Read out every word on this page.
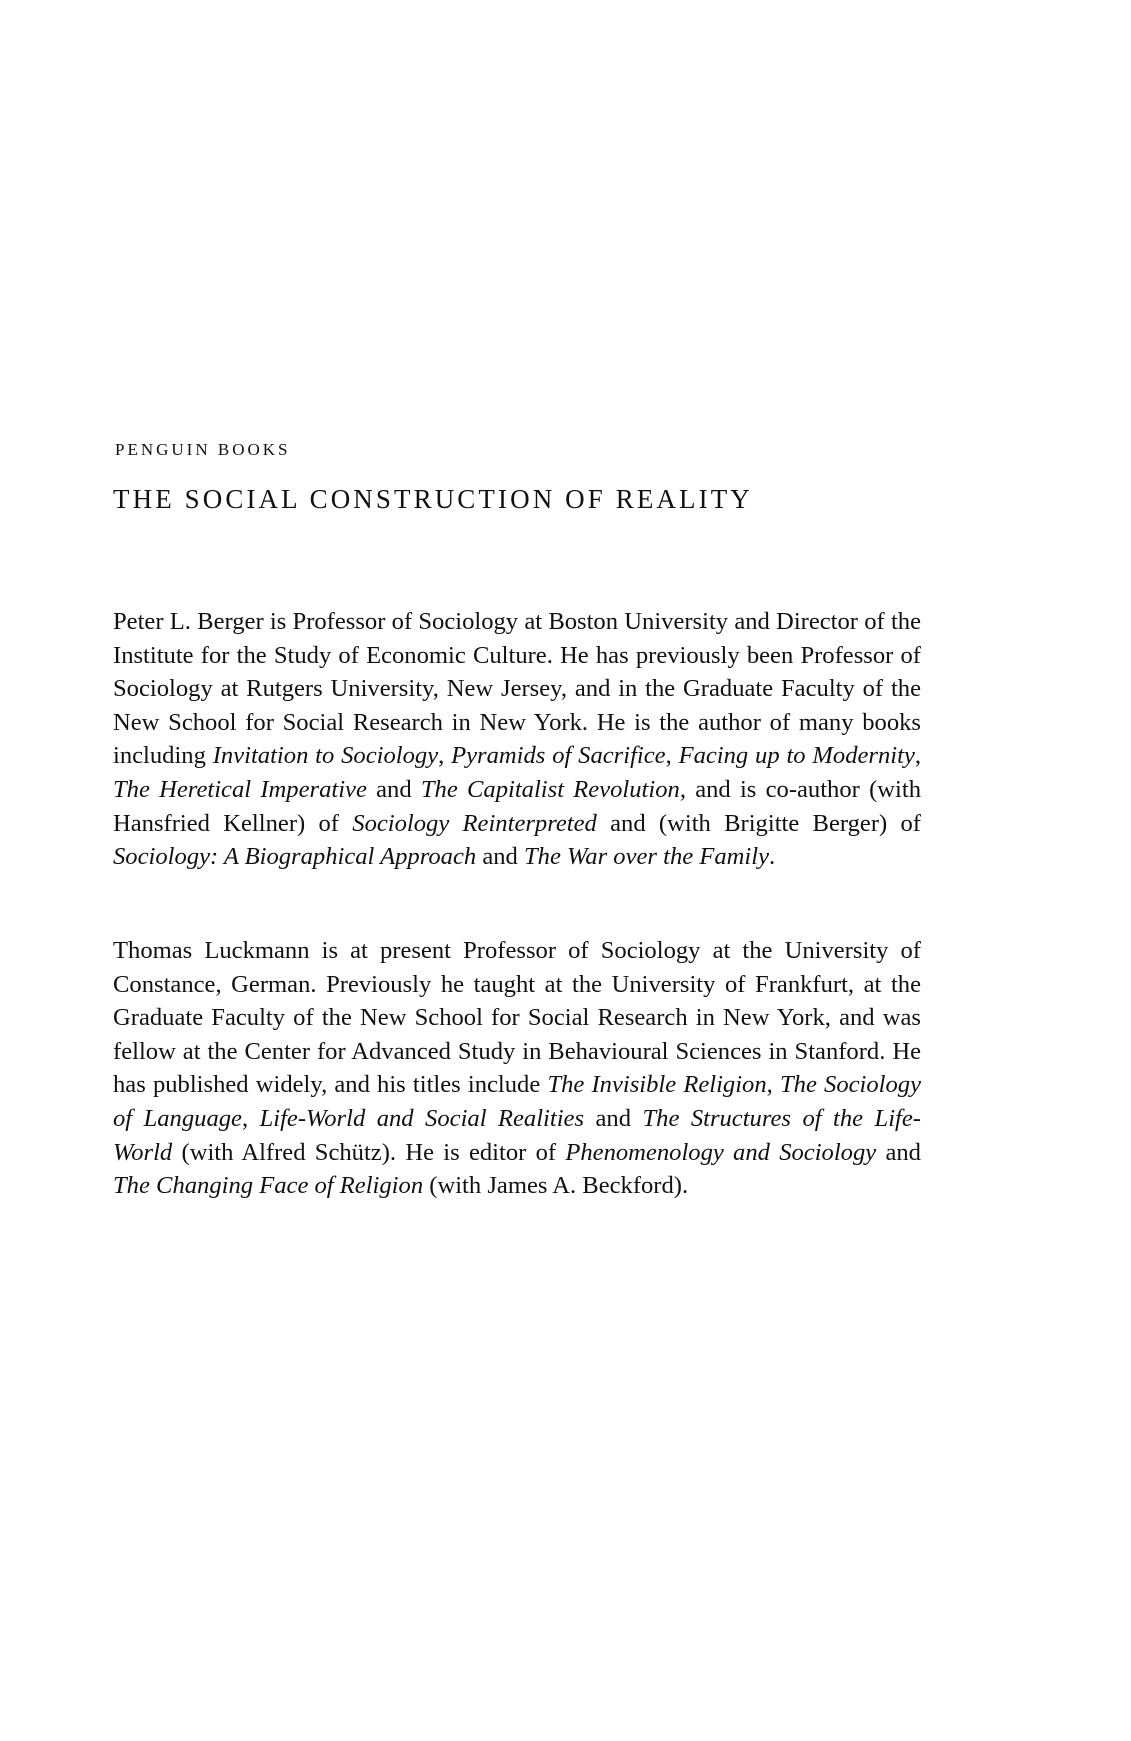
PENGUIN BOOKS
THE SOCIAL CONSTRUCTION OF REALITY

Peter L. Berger is Professor of Sociology at Boston University and Director of the Institute for the Study of Economic Culture. He has previously been Professor of Sociology at Rutgers University, New Jersey, and in the Graduate Faculty of the New School for Social Research in New York. He is the author of many books including Invitation to Sociology, Pyramids of Sacrifice, Facing up to Modernity, The Heretical Imperative and The Capitalist Revolution, and is co-author (with Hansfried Kellner) of Sociology Reinterpreted and (with Brigitte Berger) of Sociology: A Biographical Approach and The War over the Family.

Thomas Luckmann is at present Professor of Sociology at the University of Constance, German. Previously he taught at the University of Frankfurt, at the Graduate Faculty of the New School for Social Research in New York, and was fellow at the Center for Advanced Study in Behavioural Sciences in Stanford. He has published widely, and his titles include The Invisible Religion, The Sociology of Language, Life-World and Social Realities and The Structures of the Life-World (with Alfred Schütz). He is editor of Phenomenology and Sociology and The Changing Face of Religion (with James A. Beckford).
